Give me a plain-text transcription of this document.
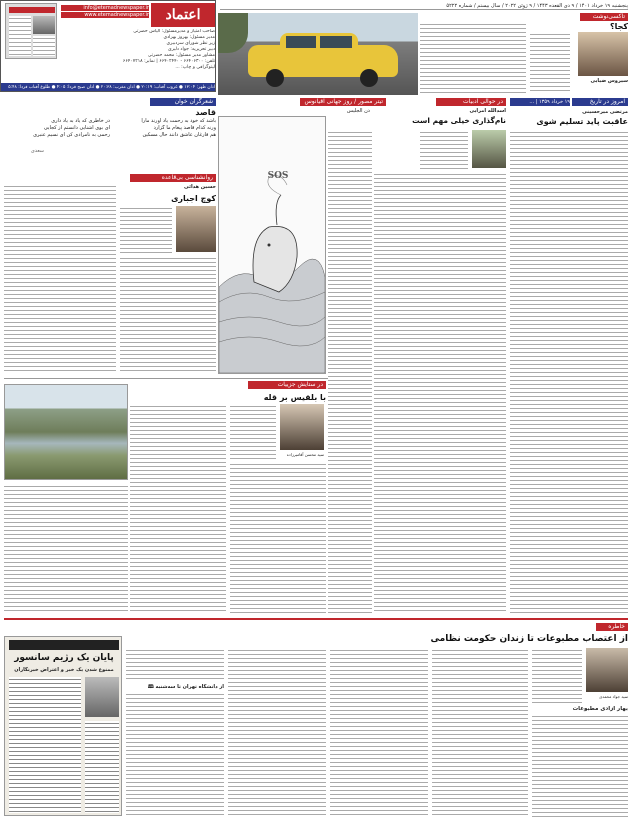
اعتماد
info@etemadnewspaper.ir
www.etemadnewspaper.ir
صاحب امتیاز و مدیرمسئول: الیاس حضرتی
مدیر مسئول: بهروز بهزادی
زیر نظر شورای سردبیری
دبیر تحریریه: جواد دلیری
مشاور مدیر مسئول: محمد حضرتی
تلفن: ۶۶۴۰۶۳۰۰ - ۶۶۴۰۲۴۴۰ | نمابر: ۶۶۴۰۷۲۱۸
لیتوگرافی و چاپ: ...
اذان ظهر: ۱۳:۰۴ ● غروب آفتاب: ۲۰:۱۹ ● اذان مغرب: ۲۰:۳۸ ● اذان صبح فردا: ۴:۰۵ ● طلوع آفتاب فردا: ۵:۴۸
پنجشنبه ۱۹ خرداد ۱۴۰۱ / ۹ ذی القعده ۱۴۴۳ / ۹ ژوئن ۲۰۲۲ / سال بیستم / شماره ۵۲۲۲
تاکسی‌نوشت
کجا؟
سیروس ضیایی
امروز در تاریخ
۱۹ خرداد ۱۳۵۹ | ...
مرتضی میرحسینی
عاقبت پاید تسلیم شوی
در حوالی ادبیات
اسدالله امرایی
نام‌گذاری خیلی مهم است
تیتر مصور / روز جهانی اقیانوس
ذن الجلیس
SOS
شعرگران خوان
قاصد
باشد که خود به رحمت یاد آورند مارا
ورنه کدام قاصد پیغام ما گزارد
هم فارغان عاشق دانند حال مسکین
در خاطری که یاد به یاد داری
ای بوی آشنایی دانستم از کجایی
رحمی به نامرادی کن ای نسیم عنبری
سعدی
روانشناسی بی‌قاعده
حسین هدائی
کوچ اجباری
در ستایش جزییات
با بلقیس بر قله
سید محسن آقامیرزاده
خاطره
از اعتصاب مطبوعات تا زندان حکومت نظامی
سید جواد محمدی
بهار آزادی مطبوعات
از دانشگاه تهران تا سه‌شنبه 🕮
پایان یک‌ رژیم سانسور
ممنوع شدن یک خبر و اعتراض خبرنگاران
